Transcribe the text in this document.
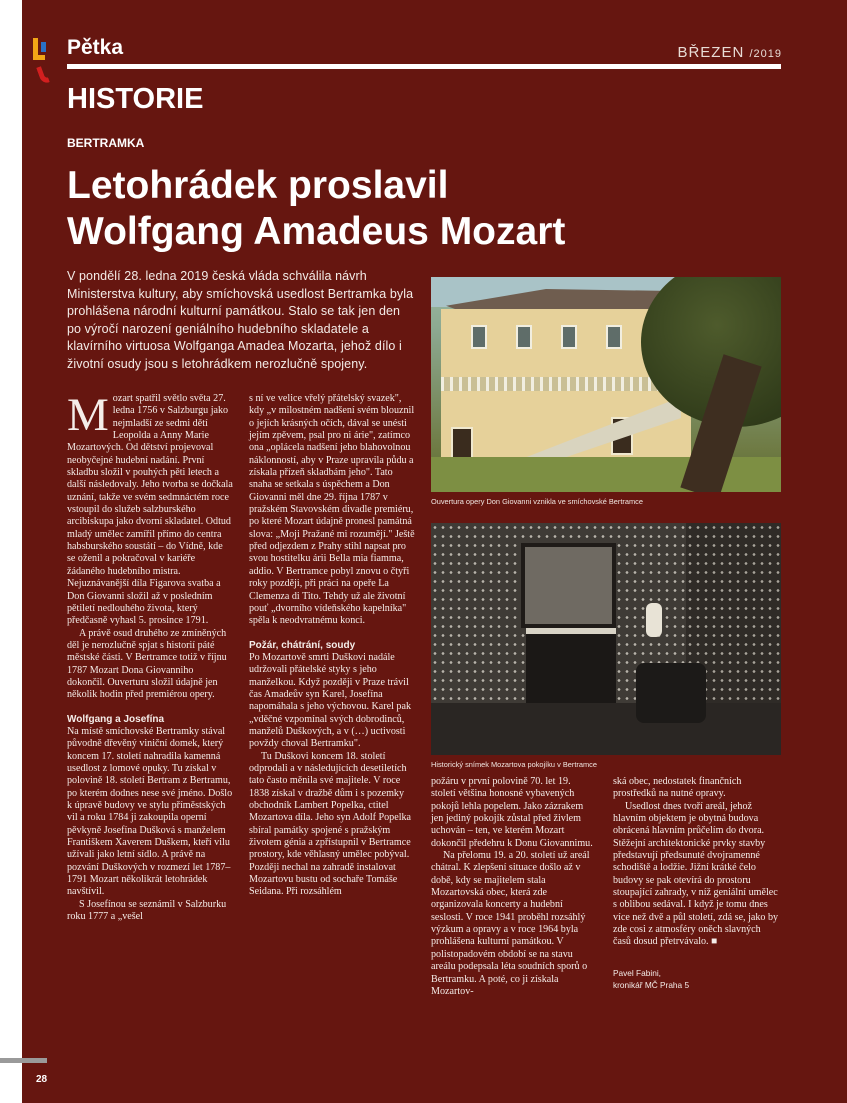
Pětka	BŘEZEN /2019
HISTORIE
BERTRAMKA
Letohrádek proslavil
Wolfgang Amadeus Mozart
V pondělí 28. ledna 2019 česká vláda schválila návrh Ministerstva kultury, aby smíchovská usedlost Bertramka byla prohlášena národní kulturní památkou. Stalo se tak jen den po výročí narození geniálního hudebního skladatele a klavírního virtuosa Wolfganga Amadea Mozarta, jehož dílo i životní osudy jsou s letohrádkem nerozlučně spojeny.
Ouvertura opery Don Giovanni vznikla ve smíchovské Bertramce
Historický snímek Mozartova pokojíku v Bertramce

Mozart spatřil světlo světa 27. ledna 1756 v Salzburgu jako nejmladší ze sedmi dětí Leopolda a Anny Marie Mozartových. Od dětství projevoval neobyčejné hudební nadání. První skladbu složil v pouhých pěti letech a další následovaly. Jeho tvorba se dočkala uznání, takže ve svém sedmnáctém roce vstoupil do služeb salzburského arcibiskupa jako dvorní skladatel. Odtud mladý umělec zamířil přímo do centra habsburského soustátí – do Vídně, kde se oženil a pokračoval v kariéře žádaného hudebního mistra. Nejuznávanější díla Figarova svatba a Don Giovanni složil až v posledním pětiletí nedlouhého života, který předčasně vyhasl 5. prosince 1791.

A právě osud druhého ze zmíněných děl je nerozlučně spjat s historií páté městské části. V Bertramce totiž v říjnu 1787 Mozart Dona Giovanniho dokončil. Ouverturu složil údajně jen několik hodin před premiérou opery.

Wolfgang a Josefína

Na místě smíchovské Bertramky stával původně dřevěný viniční domek, který koncem 17. století nahradila kamenná usedlost z lomové opuky. Tu získal v polovině 18. století Bertram z Bertramu, po kterém dodnes nese své jméno. Došlo k úpravě budovy ve stylu příměstských vil a roku 1784 ji zakoupila operní pěvkyně Josefína Dušková s manželem Františkem Xaverem Duškem, kteří vilu užívali jako letní sídlo. A právě na pozvání Duškových v rozmezí let 1787–1791 Mozart několikrát letohrádek navštívil.

S Josefínou se seznámil v Salzburku roku 1777 a „vešel

s ní ve velice vřelý přátelský svazek", kdy „v milostném nadšení svém blouznil o jejích krásných očích, dával se unésti jejím zpěvem, psal pro ni árie", zatímco ona „oplácela nadšení jeho blahovolnou náklonností, aby v Praze upravila půdu a získala přízeň skladbám jeho". Tato snaha se setkala s úspěchem a Don Giovanni měl dne 29. října 1787 v pražském Stavovském divadle premiéru, po které Mozart údajně pronesl památná slova: „Moji Pražané mi rozumějí." Ještě před odjezdem z Prahy stihl napsat pro svou hostitelku árii Bella mia fiamma, addio. V Bertramce pobyl znovu o čtyři roky později, při práci na opeře La Clemenza di Tito. Tehdy už ale životní pouť „dvorního vídeňského kapelníka" spěla k neodvratnému konci.

Požár, chátrání, soudy

Po Mozartově smrti Duškovi nadále udržovali přátelské styky s jeho manželkou. Když později v Praze trávil čas Amadeův syn Karel, Josefína napomáhala s jeho výchovou. Karel pak „vděčné vzpomínal svých dobrodinců, manželů Duškových, a v (…) uctivosti povždy choval Bertramku".

Tu Duškovi koncem 18. století odprodali a v následujících desetiletích tato často měnila své majitele. V roce 1838 získal v dražbě dům i s pozemky obchodník Lambert Popelka, ctitel Mozartova díla. Jeho syn Adolf Popelka sbíral památky spojené s pražským životem génia a zpřístupnil v Bertramce prostory, kde věhlasný umělec pobýval. Později nechal na zahradě instalovat Mozartovu bustu od sochaře Tomáše Seidana. Při rozsáhlém

požáru v první polovině 70. let 19. století většina honosné vybavených pokojů lehla popelem. Jako zázrakem jen jediný pokojík zůstal před živlem uchován – ten, ve kterém Mozart dokončil předehru k Donu Giovannimu.

Na přelomu 19. a 20. století už areál chátral. K zlepšení situace došlo až v době, kdy se majitelem stala Mozartovská obec, která zde organizovala koncerty a hudební seslosti. V roce 1941 proběhl rozsáhlý výzkum a opravy a v roce 1964 byla prohlášena kulturní památkou. V polistopadovém období se na stavu areálu podepsala léta soudních sporů o Bertramku. A poté, co ji získala Mozartov-

ská obec, nedostatek finančních prostředků na nutné opravy.

Usedlost dnes tvoří areál, jehož hlavním objektem je obytná budova obrácená hlavním průčelím do dvora. Stěžejní architektonické prvky stavby představují předsunuté dvojramenné schodiště a lodžie. Jižní krátké čelo budovy se pak otevírá do prostoru stoupající zahrady, v níž geniální umělec s oblibou sedával. I když je tomu dnes více než dvě a půl století, zdá se, jako by zde cosi z atmosféry oněch slavných časů dosud přetrvávalo. ■

Pavel Fabini,
kronikář MČ Praha 5
28
